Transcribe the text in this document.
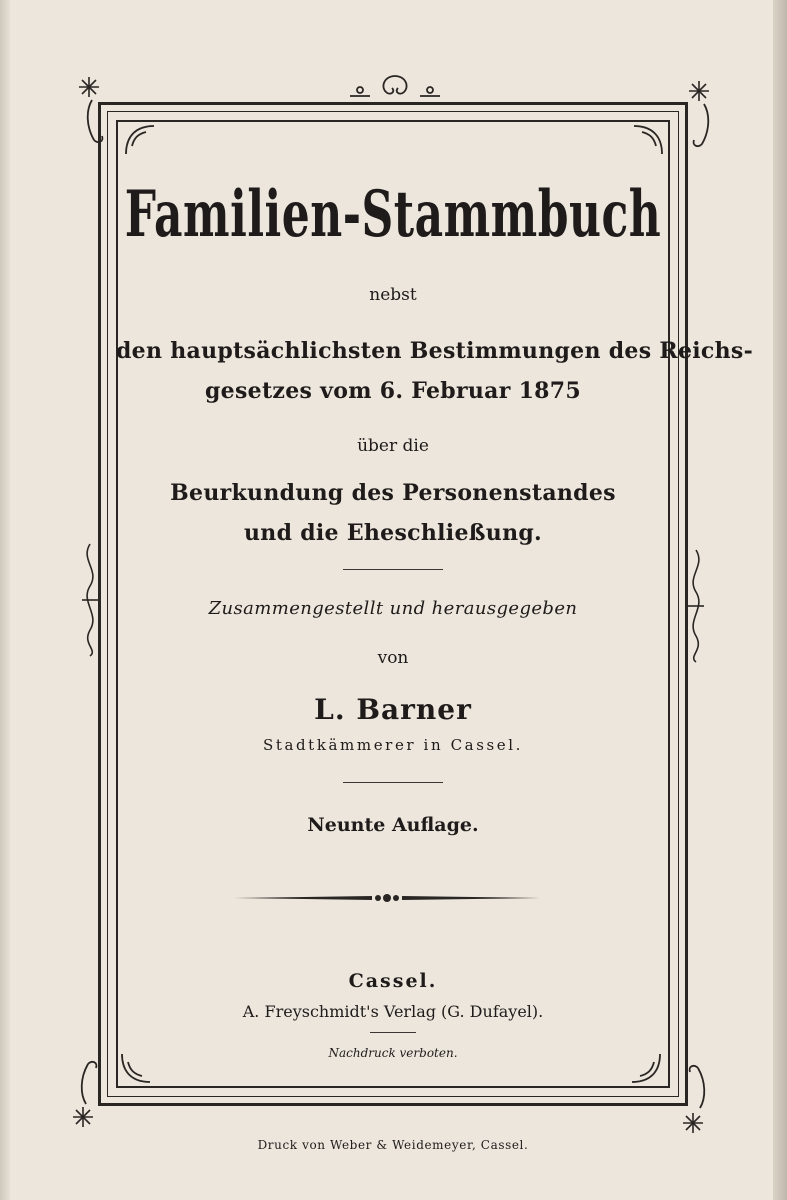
Familien-Stammbuch
nebst
den hauptsächlichsten Bestimmungen des Reichs-
gesetzes vom 6. Februar 1875
über die
Beurkundung des Personenstandes
und die Eheschließung.
Zusammengestellt und herausgegeben
von
L. Barner
Stadtkämmerer in Cassel.
Neunte Auflage.
Cassel.
A. Freyschmidt's Verlag (G. Dufayel).
Nachdruck verboten.
Druck von Weber & Weidemeyer, Cassel.
